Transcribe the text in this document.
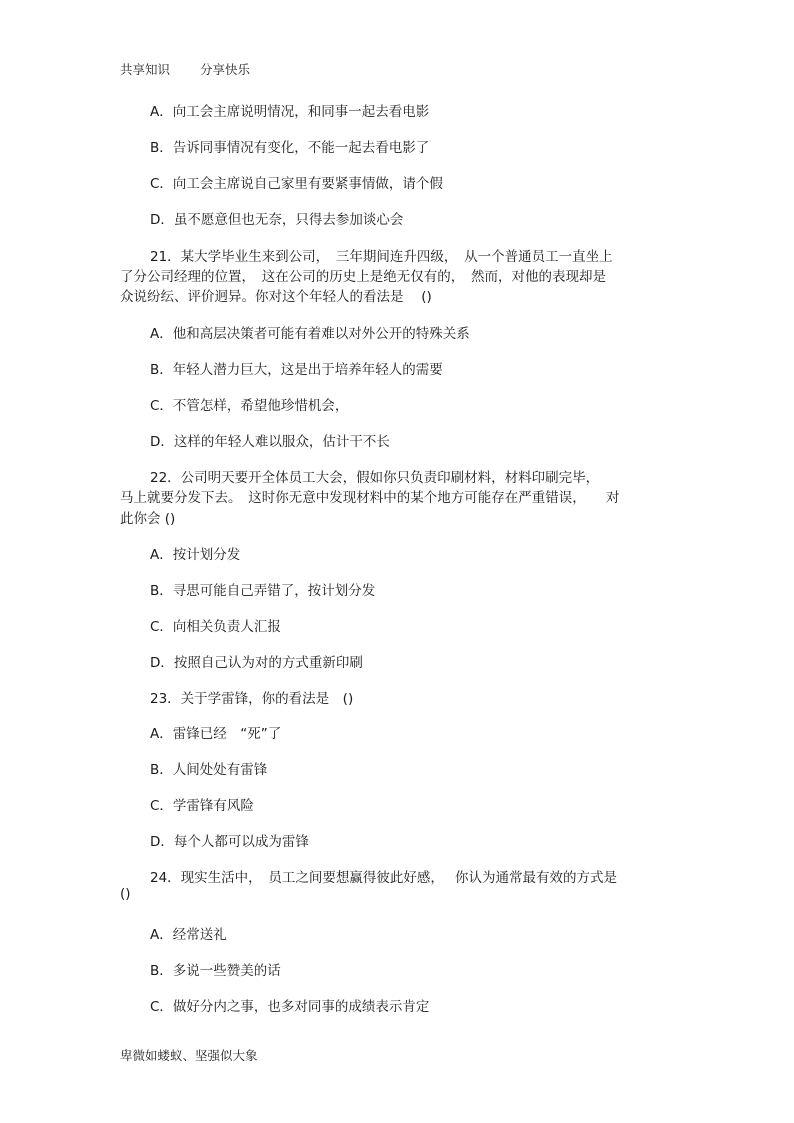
共享知识 分享快乐
A．向工会主席说明情况，和同事一起去看电影
B．告诉同事情况有变化，不能一起去看电影了
C．向工会主席说自己家里有要紧事情做，请个假
D．虽不愿意但也无奈，只得去参加谈心会
21．某大学毕业生来到公司，　三年期间连升四级，　从一个普通员工一直坐上
了分公司经理的位置，　这在公司的历史上是绝无仅有的，　然而，对他的表现却是
众说纷纭、评价迥异。你对这个年轻人的看法是　 ()
A．他和高层决策者可能有着难以对外公开的特殊关系
B．年轻人潜力巨大，这是出于培养年轻人的需要
C．不管怎样，希望他珍惜机会，
D．这样的年轻人难以服众，估计干不长
22．公司明天要开全体员工大会，假如你只负责印刷材料，材料印刷完毕，
马上就要分发下去。　这时你无意中发现材料中的某个地方可能存在严重错误，　　对
此你会 ()
A．按计划分发
B．寻思可能自己弄错了，按计划分发
C．向相关负责人汇报
D．按照自己认为对的方式重新印刷
23．关于学雷锋，你的看法是　()
A．雷锋已经　“死”了
B．人间处处有雷锋
C．学雷锋有风险
D．每个人都可以成为雷锋
24．现实生活中，　员工之间要想赢得彼此好感，　 你认为通常最有效的方式是
()
A．经常送礼
B．多说一些赞美的话
C．做好分内之事，也多对同事的成绩表示肯定
卑微如蝼蚁、坚强似大象
